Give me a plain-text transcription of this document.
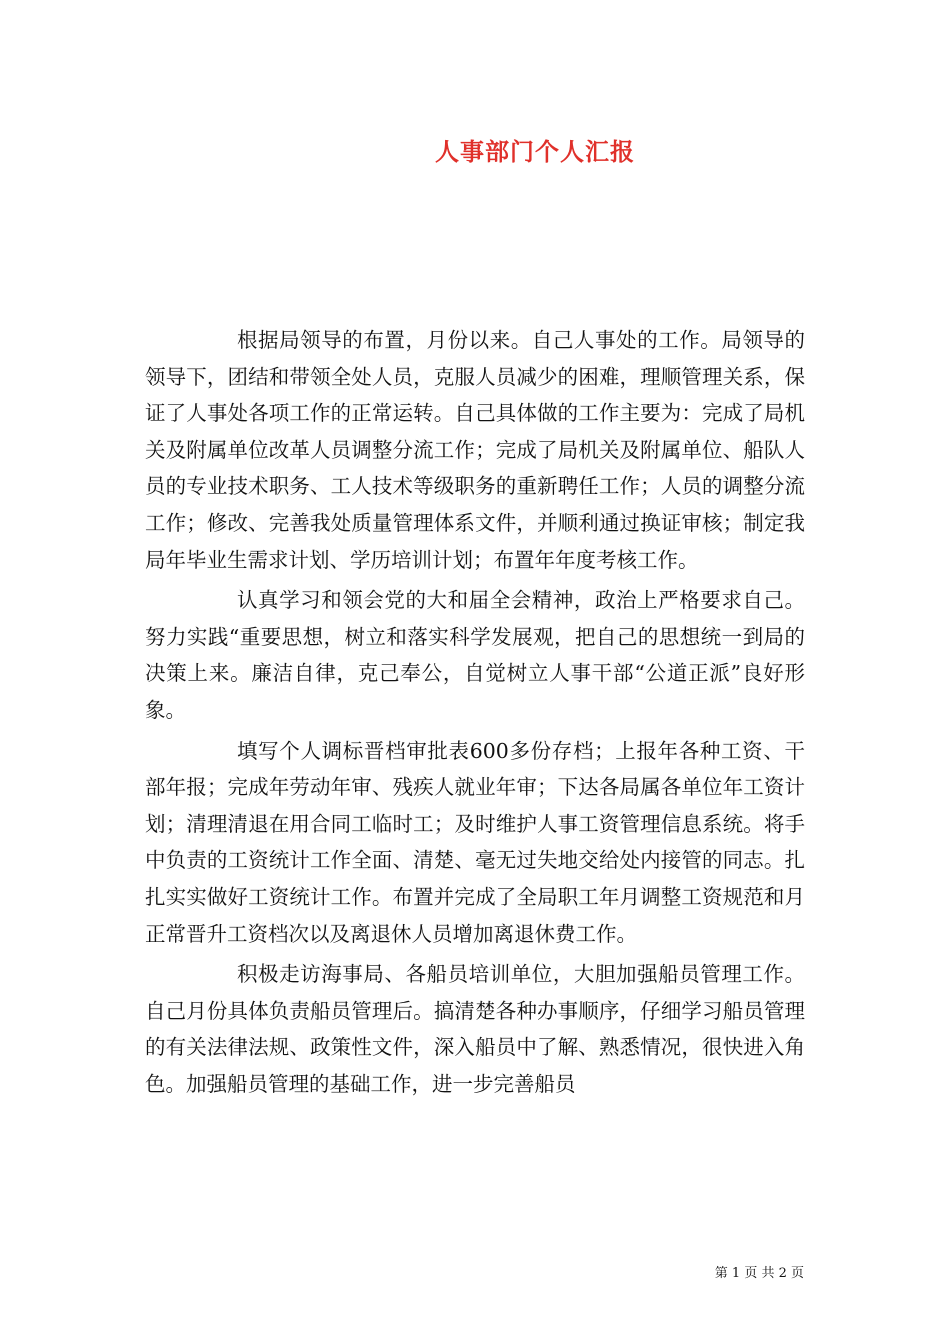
人事部门个人汇报

根据局领导的布置，月份以来。自己人事处的工作。局领导的领导下，团结和带领全处人员，克服人员减少的困难，理顺管理关系，保证了人事处各项工作的正常运转。自己具体做的工作主要为：完成了局机关及附属单位改革人员调整分流工作；完成了局机关及附属单位、船队人员的专业技术职务、工人技术等级职务的重新聘任工作；人员的调整分流工作；修改、完善我处质量管理体系文件，并顺利通过换证审核；制定我局年毕业生需求计划、学历培训计划；布置年年度考核工作。

认真学习和领会党的大和届全会精神，政治上严格要求自己。努力实践“重要思想，树立和落实科学发展观，把自己的思想统一到局的决策上来。廉洁自律，克己奉公，自觉树立人事干部“公道正派”良好形象。

填写个人调标晋档审批表600多份存档；上报年各种工资、干部年报；完成年劳动年审、残疾人就业年审；下达各局属各单位年工资计划；清理清退在用合同工临时工；及时维护人事工资管理信息系统。将手中负责的工资统计工作全面、清楚、毫无过失地交给处内接管的同志。扎扎实实做好工资统计工作。布置并完成了全局职工年月调整工资规范和月正常晋升工资档次以及离退休人员增加离退休费工作。

积极走访海事局、各船员培训单位，大胆加强船员管理工作。自己月份具体负责船员管理后。搞清楚各种办事顺序，仔细学习船员管理的有关法律法规、政策性文件，深入船员中了解、熟悉情况，很快进入角色。加强船员管理的基础工作，进一步完善船员

第 1 页 共 2 页
